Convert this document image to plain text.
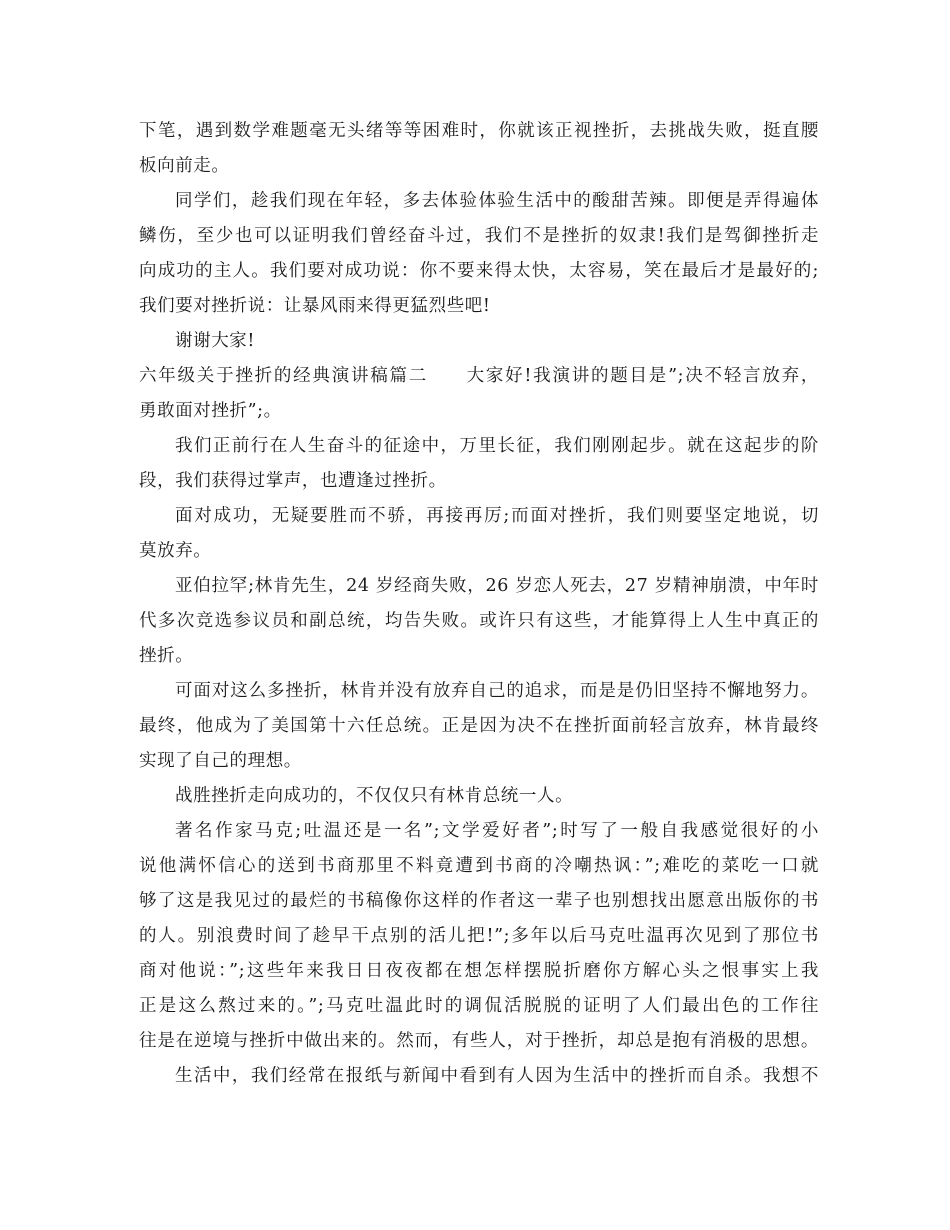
下笔，遇到数学难题毫无头绪等等困难时，你就该正视挫折，去挑战失败，挺直腰
板向前走。
同学们，趁我们现在年轻，多去体验体验生活中的酸甜苦辣。即便是弄得遍体
鳞伤，至少也可以证明我们曾经奋斗过，我们不是挫折的奴隶!我们是驾御挫折走
向成功的主人。我们要对成功说：你不要来得太快，太容易，笑在最后才是最好的;
我们要对挫折说：让暴风雨来得更猛烈些吧!
谢谢大家!
六年级关于挫折的经典演讲稿篇二　　大家好!我演讲的题目是”;决不轻言放弃，
勇敢面对挫折”;。
我们正前行在人生奋斗的征途中，万里长征，我们刚刚起步。就在这起步的阶
段，我们获得过掌声，也遭逢过挫折。
面对成功，无疑要胜而不骄，再接再厉;而面对挫折，我们则要坚定地说，切
莫放弃。
亚伯拉罕;林肯先生，24 岁经商失败，26 岁恋人死去，27 岁精神崩溃，中年时
代多次竞选参议员和副总统，均告失败。或许只有这些，才能算得上人生中真正的
挫折。
可面对这么多挫折，林肯并没有放弃自己的追求，而是是仍旧坚持不懈地努力。
最终，他成为了美国第十六任总统。正是因为决不在挫折面前轻言放弃，林肯最终
实现了自己的理想。
战胜挫折走向成功的，不仅仅只有林肯总统一人。
著名作家马克;吐温还是一名”;文学爱好者”;时写了一般自我感觉很好的小
说他满怀信心的送到书商那里不料竟遭到书商的冷嘲热讽：”;难吃的菜吃一口就
够了这是我见过的最烂的书稿像你这样的作者这一辈子也别想找出愿意出版你的书
的人。别浪费时间了趁早干点别的活儿把!”;多年以后马克吐温再次见到了那位书
商对他说：”;这些年来我日日夜夜都在想怎样摆脱折磨你方解心头之恨事实上我
正是这么熬过来的。”;马克吐温此时的调侃活脱脱的证明了人们最出色的工作往
往是在逆境与挫折中做出来的。然而，有些人，对于挫折，却总是抱有消极的思想。
生活中，我们经常在报纸与新闻中看到有人因为生活中的挫折而自杀。我想不
